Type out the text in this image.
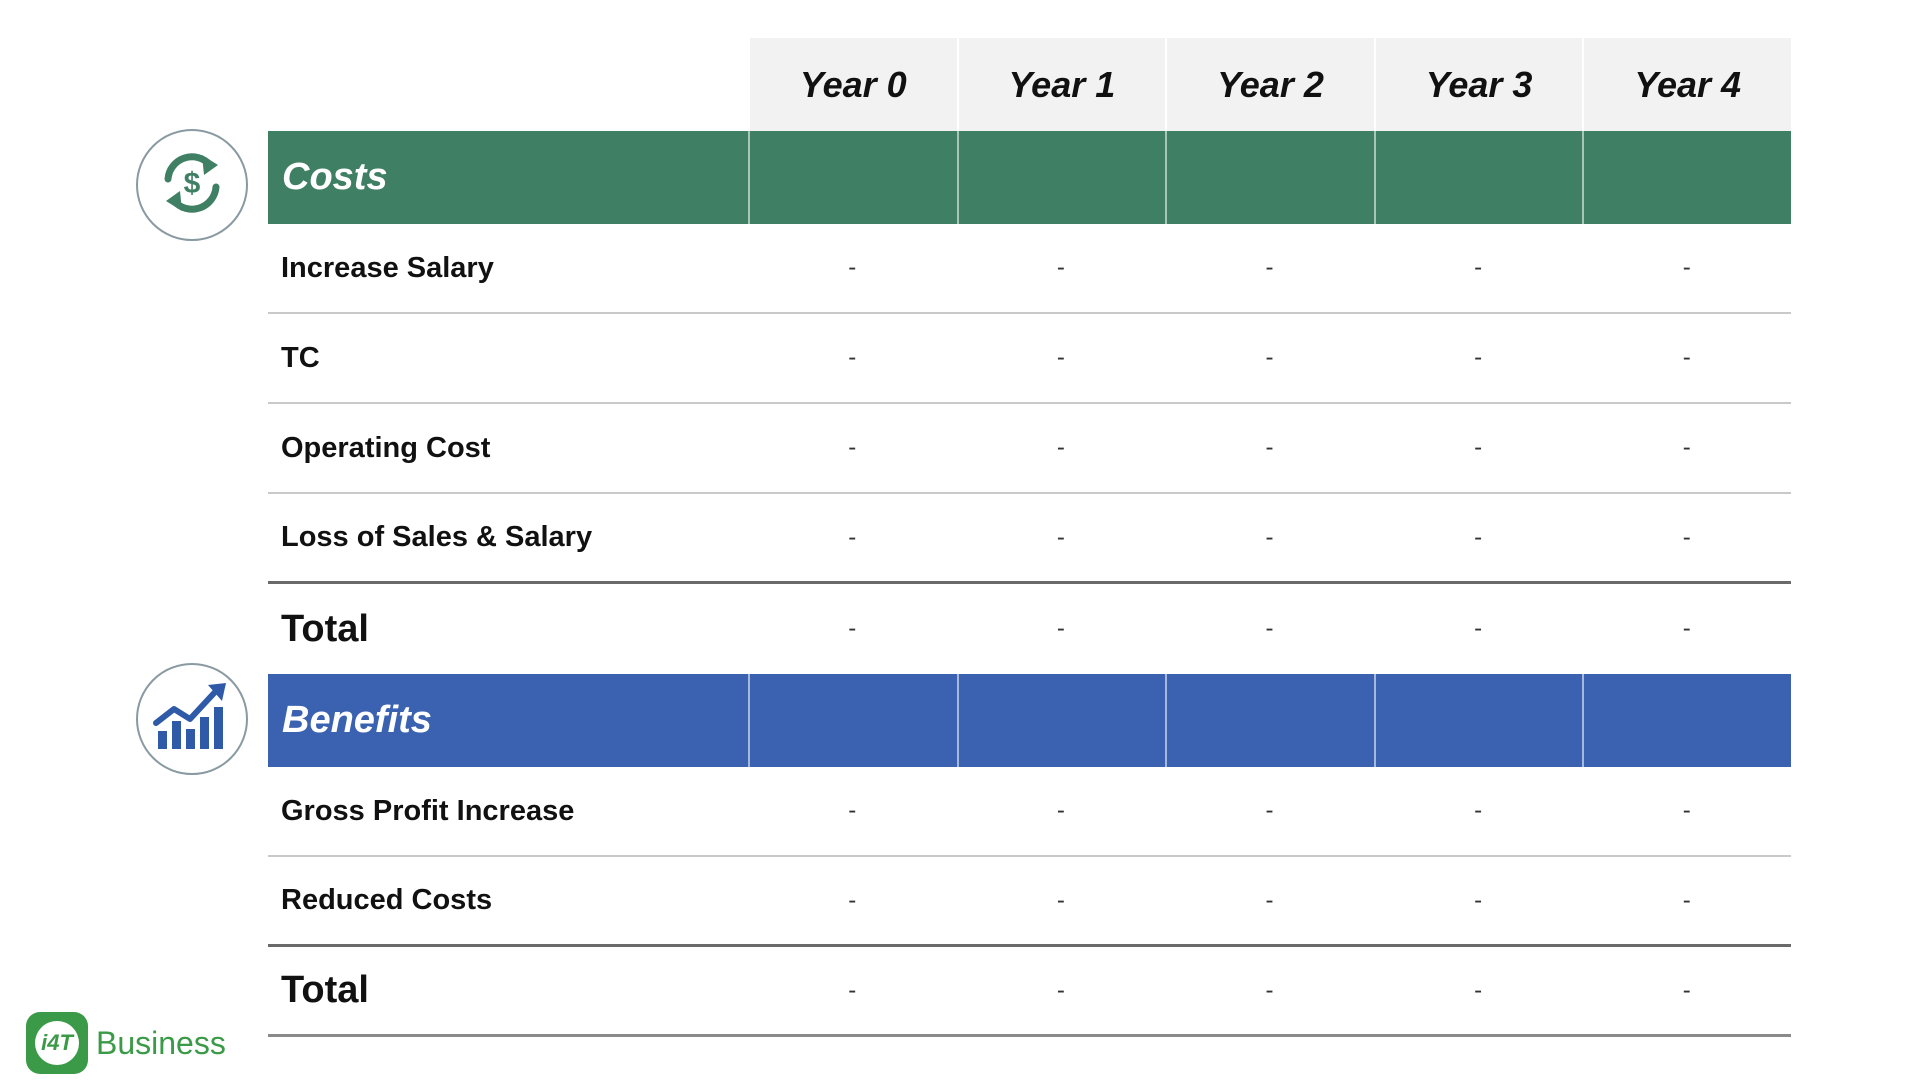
$
Year 0	Year 1	Year 2	Year 3	Year 4
Costs
Increase Salary	-	-	-	-	-
TC	-	-	-	-	-
Operating Cost	-	-	-	-	-
Loss of Sales & Salary	-	-	-	-	-
Total	-	-	-	-	-
Benefits
Gross Profit Increase	-	-	-	-	-
Reduced Costs	-	-	-	-	-
Total	-	-	-	-	-
i4T Business
